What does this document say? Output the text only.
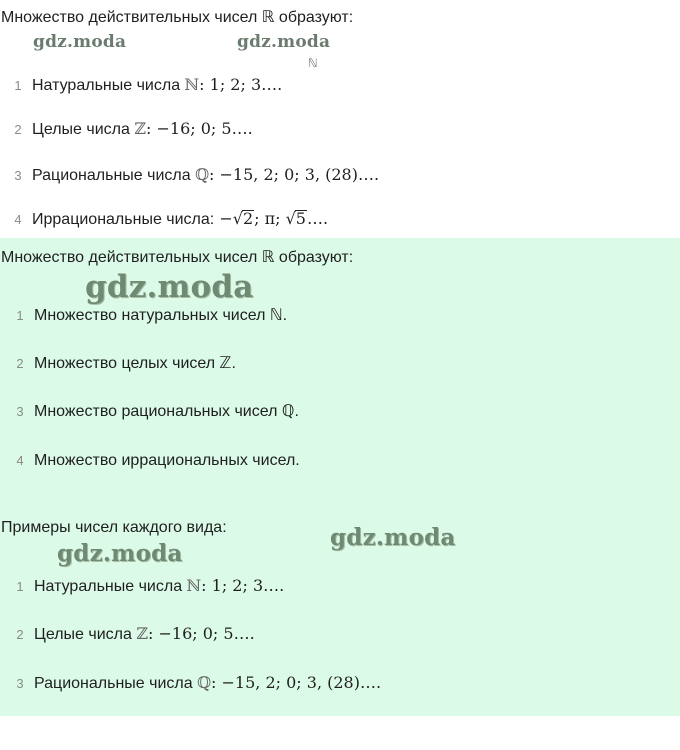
Множество действительных чисел ℝ образуют:
gdz.moda	gdz.moda
ℕ
1 Натуральные числа ℕ: 1; 2; 3….
2 Целые числа ℤ: −16; 0; 5….
3 Рациональные числа ℚ: −15, 2; 0; 3, (28)….
4 Иррациональные числа: −√2; π; √5….
Множество действительных чисел ℝ образуют:
gdz.moda
1 Множество натуральных чисел ℕ.
2 Множество целых чисел ℤ.
3 Множество рациональных чисел ℚ.
4 Множество иррациональных чисел.
Примеры чисел каждого вида:
gdz.moda
gdz.moda
1 Натуральные числа ℕ: 1; 2; 3….
2 Целые числа ℤ: −16; 0; 5….
3 Рациональные числа ℚ: −15, 2; 0; 3, (28)….
